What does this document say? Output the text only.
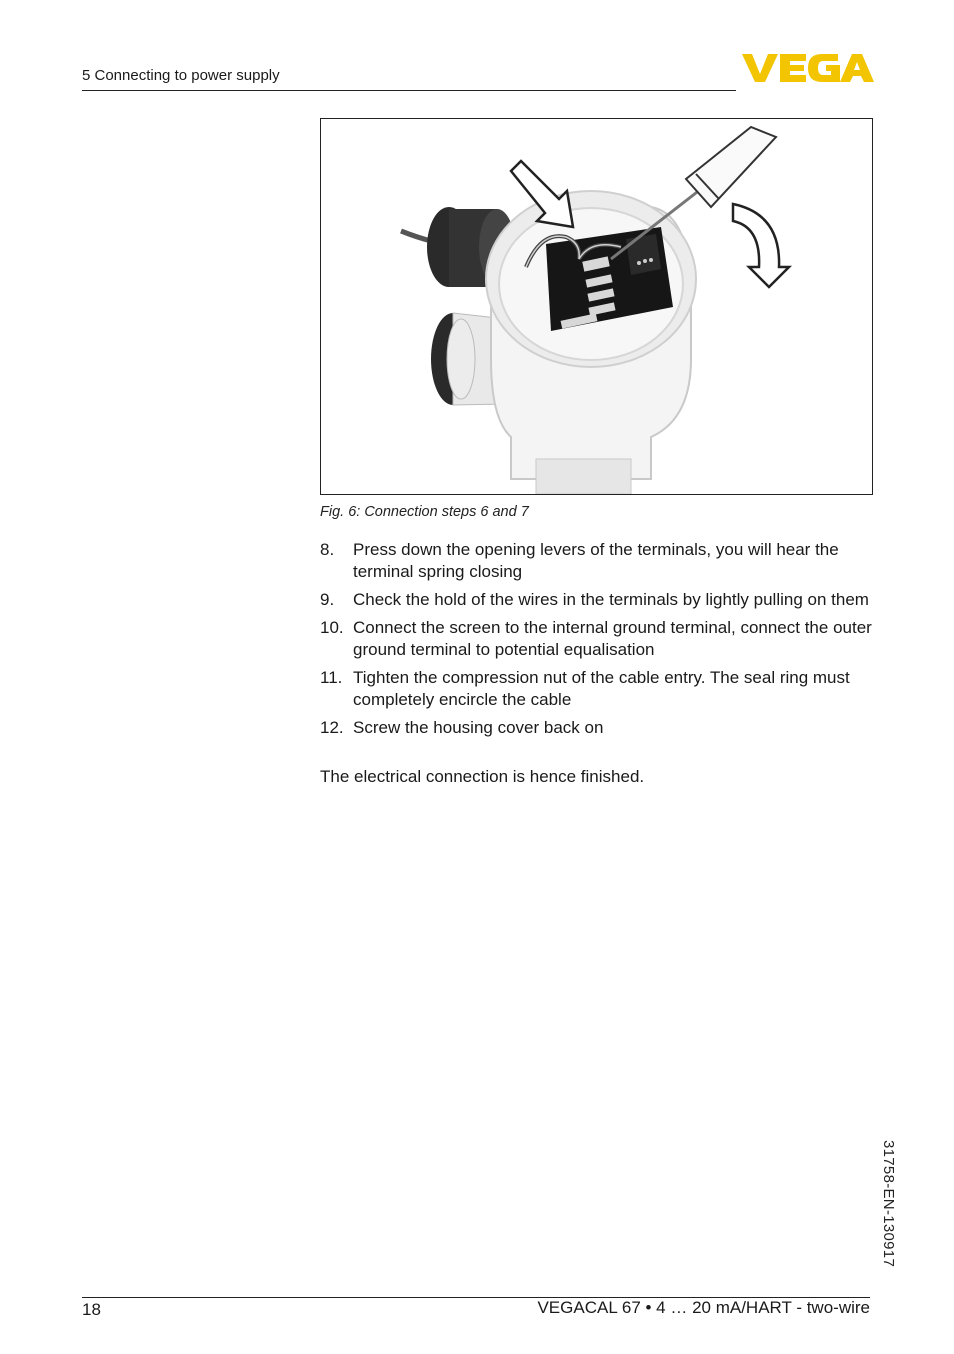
5 Connecting to power supply
Fig. 6: Connection steps 6 and 7
8. Press down the opening levers of the terminals, you will hear the terminal spring closing
9. Check the hold of the wires in the terminals by lightly pulling on them
10. Connect the screen to the internal ground terminal, connect the outer ground terminal to potential equalisation
11. Tighten the compression nut of the cable entry. The seal ring must completely encircle the cable
12. Screw the housing cover back on
The electrical connection is hence finished.
31758-EN-130917
18	VEGACAL 67 • 4 … 20 mA/HART - two-wire
